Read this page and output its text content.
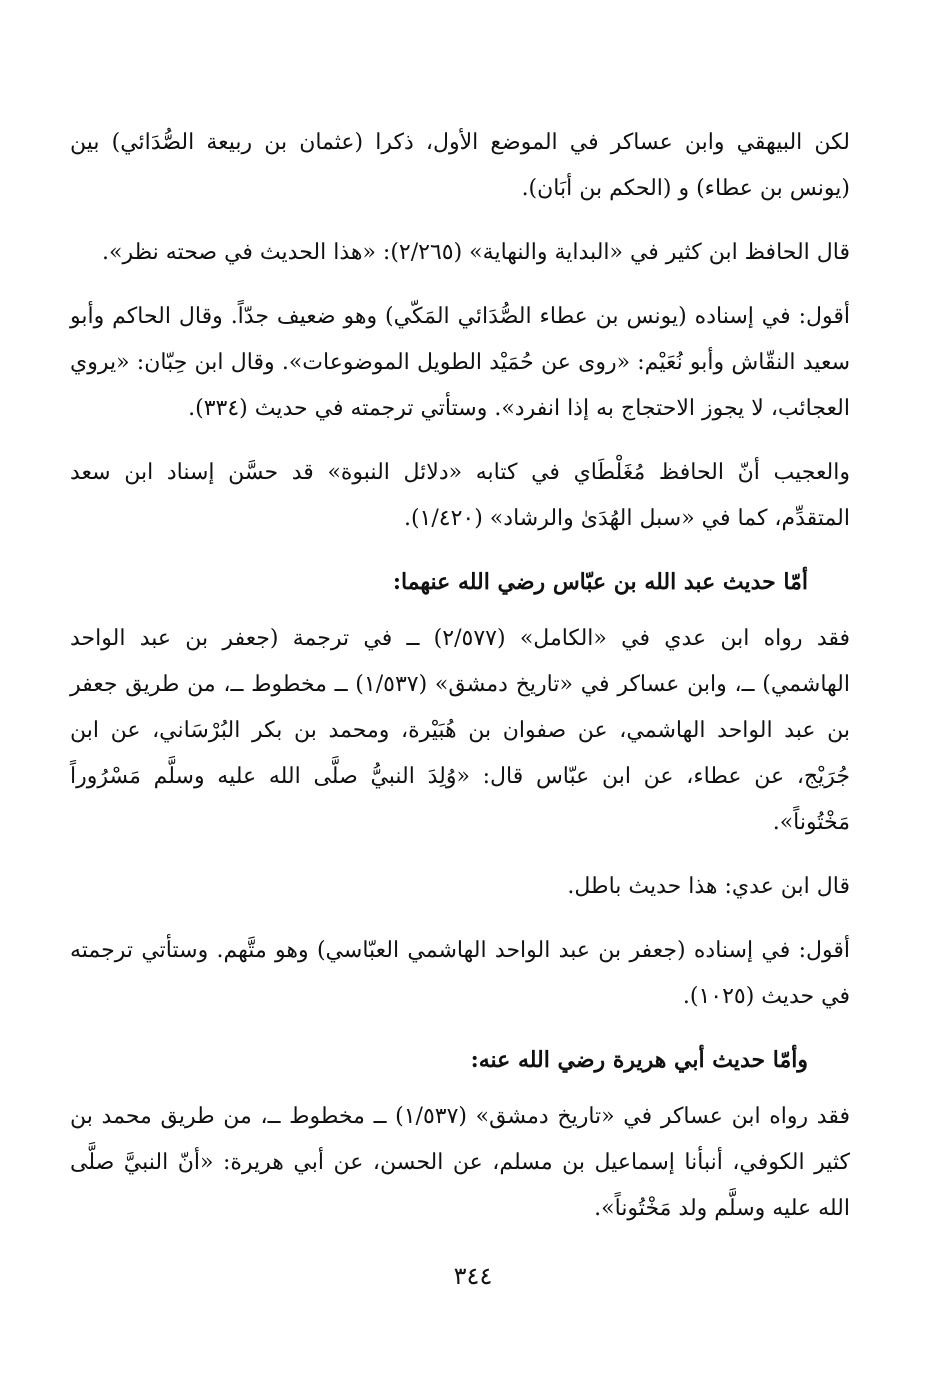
لكن البيهقي وابن عساكر في الموضع الأول، ذكرا (عثمان بن ربيعة الصُّدَائي) بين (يونس بن عطاء) و (الحكم بن أبَان).

قال الحافظ ابن كثير في «البداية والنهاية» (٢/٢٦٥): «هذا الحديث في صحته نظر».

أقول: في إسناده (يونس بن عطاء الصُّدَائي المَكّي) وهو ضعيف جدّاً. وقال الحاكم وأبو سعيد النقّاش وأبو نُعَيْم: «روى عن حُمَيْد الطويل الموضوعات». وقال ابن حِبّان: «يروي العجائب، لا يجوز الاحتجاج به إذا انفرد». وستأتي ترجمته في حديث (٣٣٤).

والعجيب أنّ الحافظ مُغَلْطَاي في كتابه «دلائل النبوة» قد حسَّن إسناد ابن سعد المتقدِّم، كما في «سبل الهُدَىٰ والرشاد» (١/٤٢٠).

أمّا حديث عبد الله بن عبّاس رضي الله عنهما:

فقد رواه ابن عدي في «الكامل» (٢/٥٧٧) ــ في ترجمة (جعفر بن عبد الواحد الهاشمي) ــ، وابن عساكر في «تاريخ دمشق» (١/٥٣٧) ــ مخطوط ــ، من طريق جعفر بن عبد الواحد الهاشمي، عن صفوان بن هُبَيْرة، ومحمد بن بكر البُرْسَاني، عن ابن جُرَيْج، عن عطاء، عن ابن عبّاس قال: «وُلِدَ النبيُّ صلَّى الله عليه وسلَّم مَسْرُوراً مَخْتُوناً».

قال ابن عدي: هذا حديث باطل.

أقول: في إسناده (جعفر بن عبد الواحد الهاشمي العبّاسي) وهو متَّهم. وستأتي ترجمته في حديث (١٠٢٥).

وأمّا حديث أبي هريرة رضي الله عنه:

فقد رواه ابن عساكر في «تاريخ دمشق» (١/٥٣٧) ــ مخطوط ــ، من طريق محمد بن كثير الكوفي، أنبأنا إسماعيل بن مسلم، عن الحسن، عن أبي هريرة: «أنّ النبيَّ صلَّى الله عليه وسلَّم ولد مَخْتُوناً».

٣٤٤
